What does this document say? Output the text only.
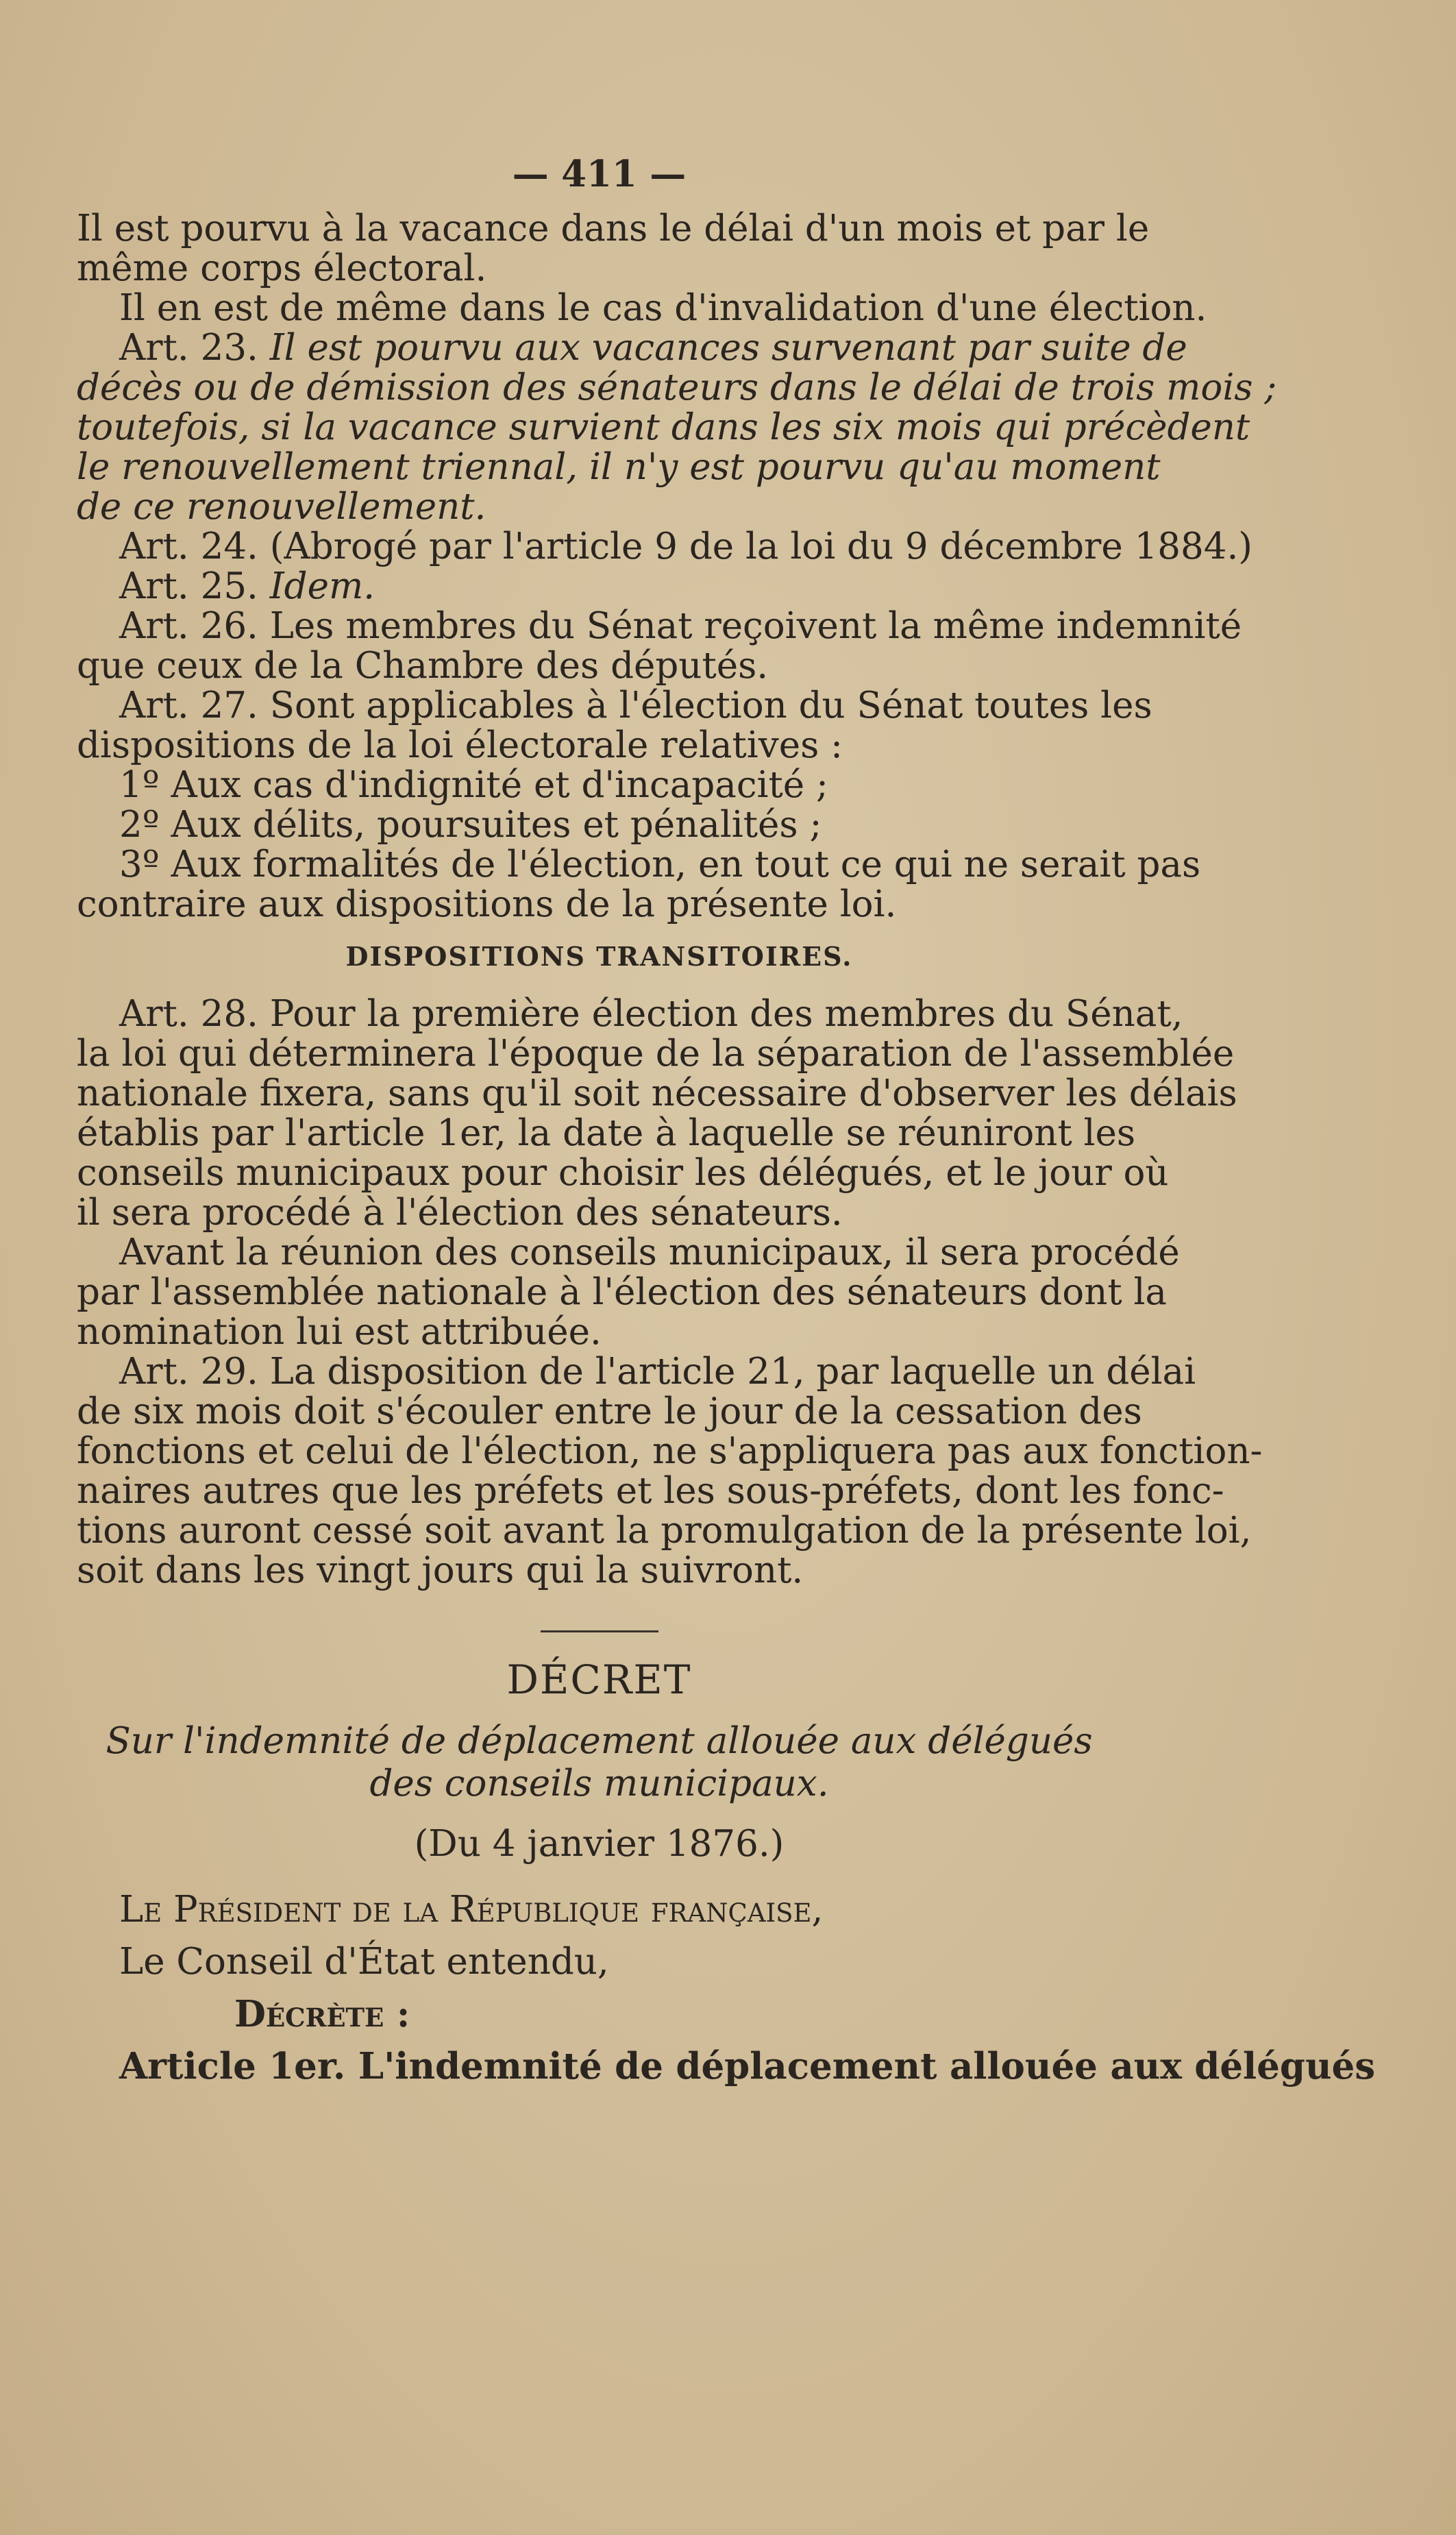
— 411 —
Il est pourvu à la vacance dans le délai d'un mois et par le
même corps électoral.
Il en est de même dans le cas d'invalidation d'une élection.
Art. 23. Il est pourvu aux vacances survenant par suite de
décès ou de démission des sénateurs dans le délai de trois mois ;
toutefois, si la vacance survient dans les six mois qui précèdent
le renouvellement triennal, il n'y est pourvu qu'au moment
de ce renouvellement.
Art. 24. (Abrogé par l'article 9 de la loi du 9 décembre 1884.)
Art. 25. Idem.
Art. 26. Les membres du Sénat reçoivent la même indemnité
que ceux de la Chambre des députés.
Art. 27. Sont applicables à l'élection du Sénat toutes les
dispositions de la loi électorale relatives :
1º Aux cas d'indignité et d'incapacité ;
2º Aux délits, poursuites et pénalités ;
3º Aux formalités de l'élection, en tout ce qui ne serait pas
contraire aux dispositions de la présente loi.
DISPOSITIONS TRANSITOIRES.
Art. 28. Pour la première élection des membres du Sénat,
la loi qui déterminera l'époque de la séparation de l'assemblée
nationale fixera, sans qu'il soit nécessaire d'observer les délais
établis par l'article 1er, la date à laquelle se réuniront les
conseils municipaux pour choisir les délégués, et le jour où
il sera procédé à l'élection des sénateurs.
Avant la réunion des conseils municipaux, il sera procédé
par l'assemblée nationale à l'élection des sénateurs dont la
nomination lui est attribuée.
Art. 29. La disposition de l'article 21, par laquelle un délai
de six mois doit s'écouler entre le jour de la cessation des
fonctions et celui de l'élection, ne s'appliquera pas aux fonction-
naires autres que les préfets et les sous-préfets, dont les fonc-
tions auront cessé soit avant la promulgation de la présente loi,
soit dans les vingt jours qui la suivront.
DÉCRET
Sur l'indemnité de déplacement allouée aux délégués
des conseils municipaux.
(Du 4 janvier 1876.)
Le Président de la République française,
Le Conseil d'État entendu,
Décrète :
Article 1er. L'indemnité de déplacement allouée aux délégués
